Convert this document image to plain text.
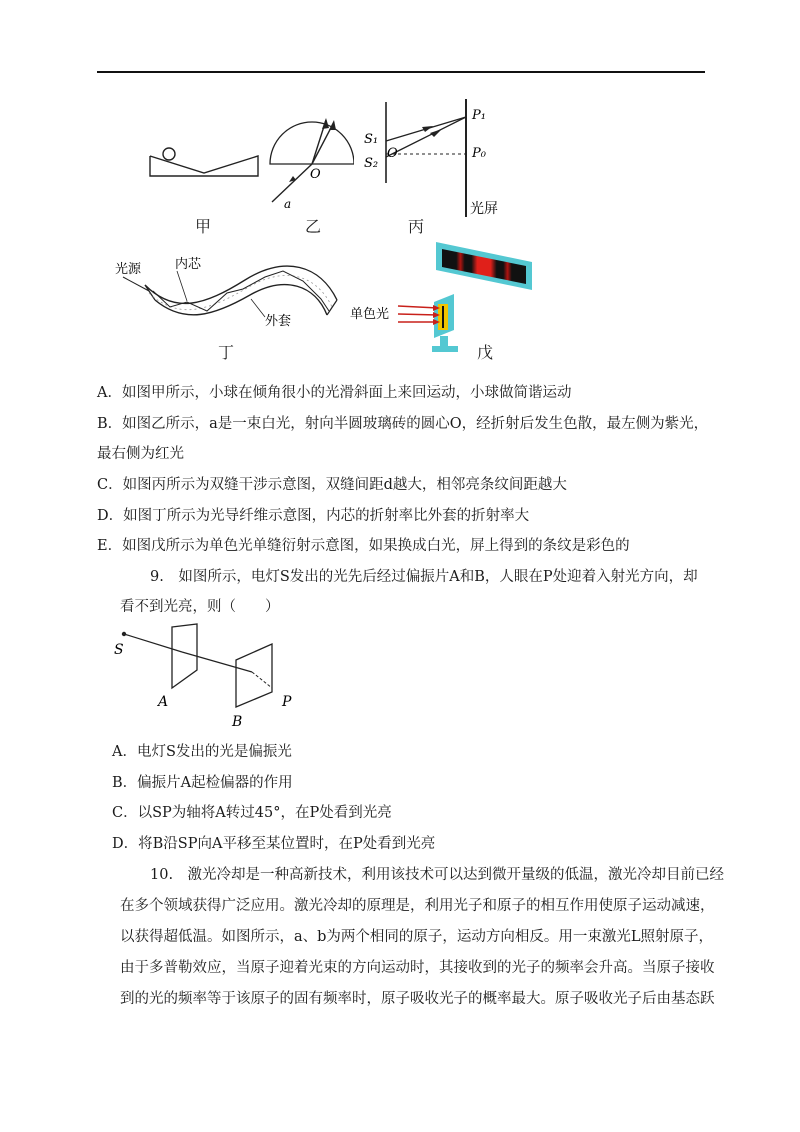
甲
O
a
乙
S₁
S₂
O
P₁
P₀
光屏
丙
光源	内芯
外套
丁
单色光
戊
A．如图甲所示，小球在倾角很小的光滑斜面上来回运动，小球做简谐运动
B．如图乙所示，a是一束白光，射向半圆玻璃砖的圆心O，经折射后发生色散，最左侧为紫光，
最右侧为红光
C．如图丙所示为双缝干涉示意图，双缝间距d越大，相邻亮条纹间距越大
D．如图丁所示为光导纤维示意图，内芯的折射率比外套的折射率大
E．如图戊所示为单色光单缝衍射示意图，如果换成白光，屏上得到的条纹是彩色的
9.　如图所示，电灯S发出的光先后经过偏振片A和B，人眼在P处迎着入射光方向，却
看不到光亮，则（　　）
S
A
B
P
A．电灯S发出的光是偏振光
B．偏振片A起检偏器的作用
C．以SP为轴将A转过45°，在P处看到光亮
D．将B沿SP向A平移至某位置时，在P处看到光亮
10.　激光冷却是一种高新技术，利用该技术可以达到微开量级的低温，激光冷却目前已经
在多个领域获得广泛应用。激光冷却的原理是，利用光子和原子的相互作用使原子运动减速，
以获得超低温。如图所示，a、b为两个相同的原子，运动方向相反。用一束激光L照射原子，
由于多普勒效应，当原子迎着光束的方向运动时，其接收到的光子的频率会升高。当原子接收
到的光的频率等于该原子的固有频率时，原子吸收光子的概率最大。原子吸收光子后由基态跃
